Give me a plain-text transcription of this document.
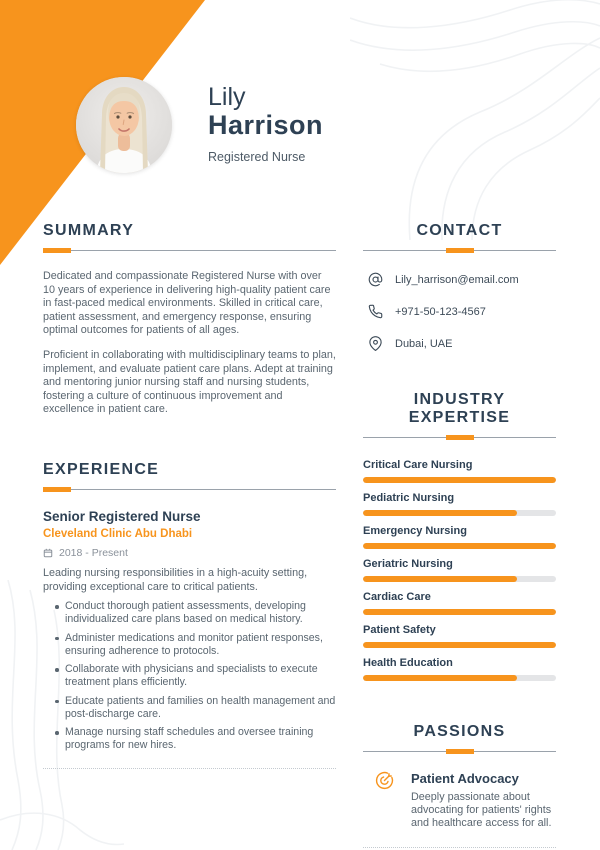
Lily
Harrison
Registered Nurse
SUMMARY

Dedicated and compassionate Registered Nurse with over 10 years of experience in delivering high-quality patient care in fast-paced medical environments. Skilled in critical care, patient assessment, and emergency response, ensuring optimal outcomes for patients of all ages.

Proficient in collaborating with multidisciplinary teams to plan, implement, and evaluate patient care plans. Adept at training and mentoring junior nursing staff and nursing students, fostering a culture of continuous improvement and excellence in patient care.

EXPERIENCE
Senior Registered Nurse
Cleveland Clinic Abu Dhabi
2018 - Present

Leading nursing responsibilities in a high-acuity setting, providing exceptional care to critical patients.

Conduct thorough patient assessments, developing individualized care plans based on medical history.
Administer medications and monitor patient responses, ensuring adherence to protocols.
Collaborate with physicians and specialists to execute treatment plans efficiently.
Educate patients and families on health management and post-discharge care.
Manage nursing staff schedules and oversee training programs for new hires.
CONTACT
Lily_harrison@email.com
+971-50-123-4567
Dubai, UAE
INDUSTRY EXPERTISE
Critical Care Nursing
Pediatric Nursing
Emergency Nursing
Geriatric Nursing
Cardiac Care
Patient Safety
Health Education
PASSIONS
Patient Advocacy
Deeply passionate about advocating for patients' rights and healthcare access for all.
